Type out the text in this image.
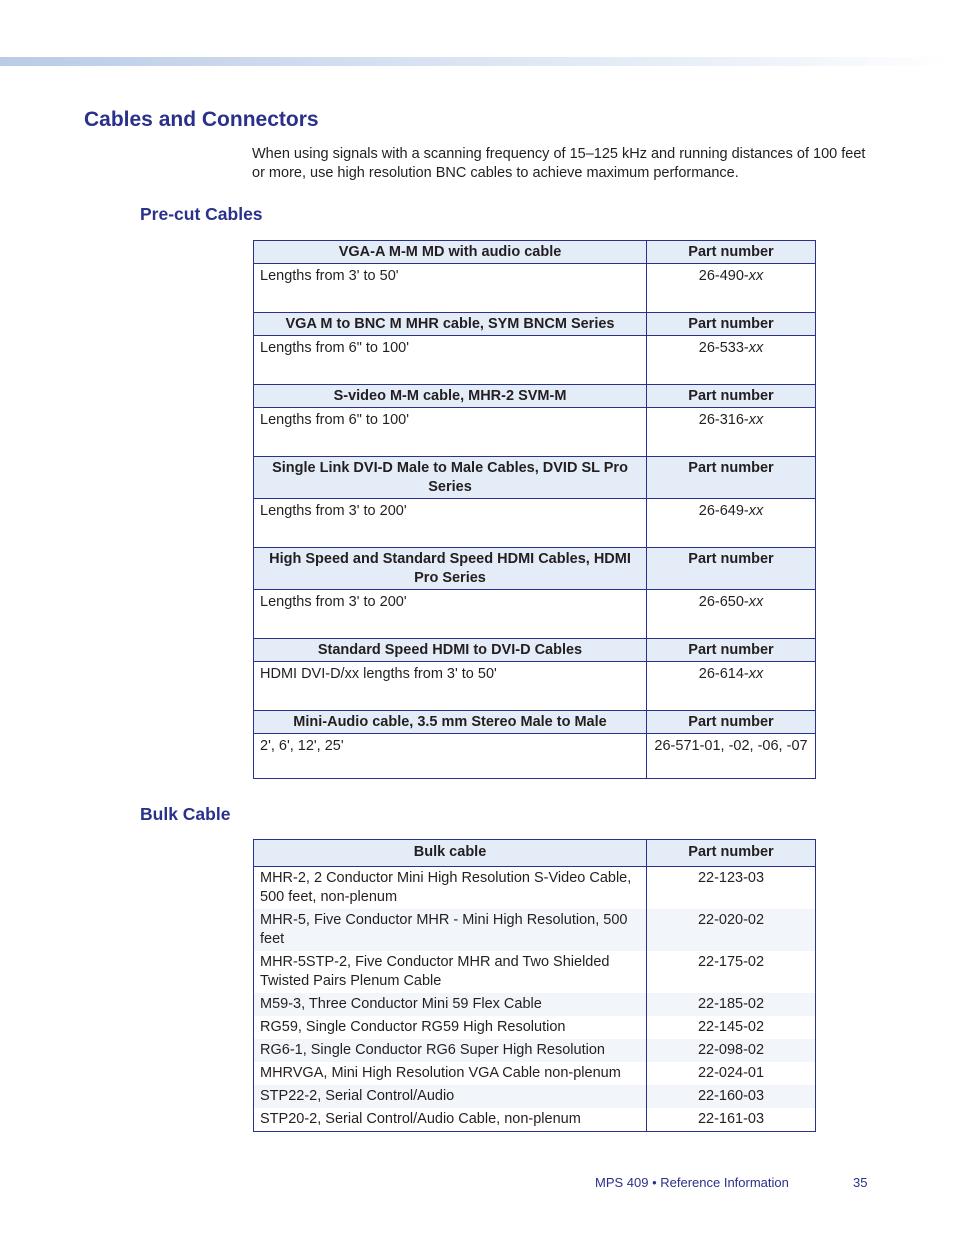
Cables and Connectors

When using signals with a scanning frequency of 15–125 kHz and running distances of 100 feet or more, use high resolution BNC cables to achieve maximum performance.

Pre-cut Cables
VGA-A M-M MD with audio cable	Part number
Lengths from 3' to 50'	26-490-xx
VGA M to BNC M MHR cable, SYM BNCM Series	Part number
Lengths from 6" to 100'	26-533-xx
S-video M-M cable, MHR-2 SVM-M	Part number
Lengths from 6" to 100'	26-316-xx
Single Link DVI-D Male to Male Cables, DVID SL Pro Series	Part number
Lengths from 3' to 200'	26-649-xx
High Speed and Standard Speed HDMI Cables, HDMI Pro Series	Part number
Lengths from 3' to 200'	26-650-xx
Standard Speed HDMI to DVI-D Cables	Part number
HDMI DVI-D/xx lengths from 3' to 50'	26-614-xx
Mini-Audio cable, 3.5 mm Stereo Male to Male	Part number
2', 6', 12', 25'	26-571-01, -02, -06, -07
Bulk Cable
Bulk cable	Part number
MHR-2, 2 Conductor Mini High Resolution S-Video Cable, 500 feet, non-plenum	22-123-03
MHR-5, Five Conductor MHR - Mini High Resolution, 500 feet	22-020-02
MHR-5STP-2, Five Conductor MHR and Two Shielded Twisted Pairs Plenum Cable	22-175-02
M59-3, Three Conductor Mini 59 Flex Cable	22-185-02
RG59, Single Conductor RG59 High Resolution	22-145-02
RG6-1, Single Conductor RG6 Super High Resolution	22-098-02
MHRVGA, Mini High Resolution VGA Cable non-plenum	22-024-01
STP22-2, Serial Control/Audio	22-160-03
STP20-2, Serial Control/Audio Cable, non-plenum	22-161-03
MPS 409 • Reference Information	35
